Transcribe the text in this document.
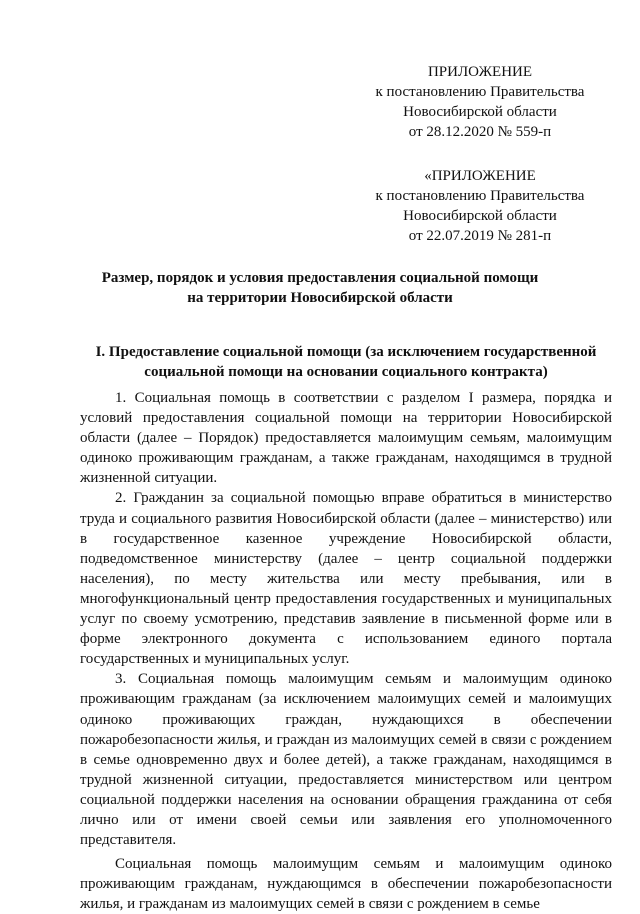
ПРИЛОЖЕНИЕ
к постановлению Правительства
Новосибирской области
от 28.12.2020 № 559-п
«ПРИЛОЖЕНИЕ
к постановлению Правительства
Новосибирской области
от 22.07.2019 № 281-п
Размер, порядок и условия предоставления социальной помощи
на территории Новосибирской области
I. Предоставление социальной помощи (за исключением государственной
социальной помощи на основании социального контракта)

1. Социальная помощь в соответствии с разделом I размера, порядка и условий предоставления социальной помощи на территории Новосибирской области (далее – Порядок) предоставляется малоимущим семьям, малоимущим одиноко проживающим гражданам, а также гражданам, находящимся в трудной жизненной ситуации.

2. Гражданин за социальной помощью вправе обратиться в министерство труда и социального развития Новосибирской области (далее – министерство) или в государственное казенное учреждение Новосибирской области, подведомственное министерству (далее – центр социальной поддержки населения), по месту жительства или месту пребывания, или в многофункциональный центр предоставления государственных и муниципальных услуг по своему усмотрению, представив заявление в письменной форме или в форме электронного документа с использованием единого портала государственных и муниципальных услуг.

3. Социальная помощь малоимущим семьям и малоимущим одиноко проживающим гражданам (за исключением малоимущих семей и малоимущих одиноко проживающих граждан, нуждающихся в обеспечении пожаробезопасности жилья, и граждан из малоимущих семей в связи с рождением в семье одновременно двух и более детей), а также гражданам, находящимся в трудной жизненной ситуации, предоставляется министерством или центром социальной поддержки населения на основании обращения гражданина от себя лично или от имени своей семьи или заявления его уполномоченного представителя.

Социальная помощь малоимущим семьям и малоимущим одиноко проживающим гражданам, нуждающимся в обеспечении пожаробезопасности жилья, и гражданам из малоимущих семей в связи с рождением в семье
